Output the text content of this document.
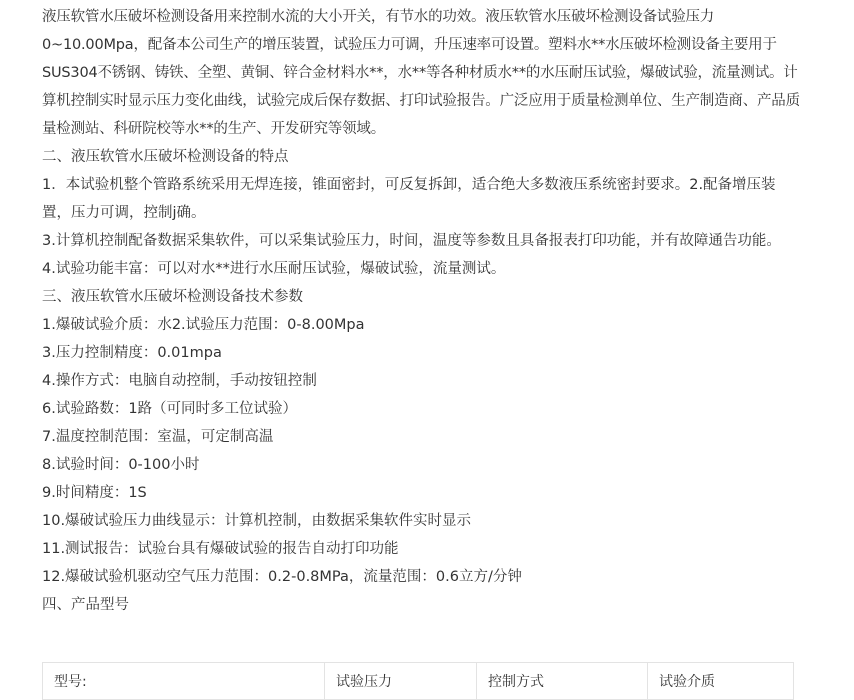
液压软管水压破坏检测设备用来控制水流的大小开关，有节水的功效。液压软管水压破坏检测设备试验压力0~10.00Mpa，配备本公司生产的增压装置，试验压力可调，升压速率可设置。塑料水**水压破坏检测设备主要用于SUS304不锈钢、铸铁、全塑、黄铜、锌合金材料水**，水**等各种材质水**的水压耐压试验，爆破试验，流量测试。计算机控制实时显示压力变化曲线，试验完成后保存数据、打印试验报告。广泛应用于质量检测单位、生产制造商、产品质量检测站、科研院校等水**的生产、开发研究等领域。

二、液压软管水压破坏检测设备的特点

1．本试验机整个管路系统采用无焊连接，锥面密封，可反复拆卸，适合绝大多数液压系统密封要求。2.配备增压装置，压力可调，控制j确。

3.计算机控制配备数据采集软件，可以采集试验压力，时间，温度等参数且具备报表打印功能，并有故障通告功能。

4.试验功能丰富：可以对水**进行水压耐压试验，爆破试验，流量测试。

三、液压软管水压破坏检测设备技术参数

1.爆破试验介质：水2.试验压力范围：0-8.00Mpa

3.压力控制精度：0.01mpa

4.操作方式：电脑自动控制，手动按钮控制

6.试验路数：1路（可同时多工位试验）

7.温度控制范围：室温，可定制高温

8.试验时间：0-100小时

9.时间精度：1S

10.爆破试验压力曲线显示：计算机控制，由数据采集软件实时显示

11.测试报告：试验台具有爆破试验的报告自动打印功能

12.爆破试验机驱动空气压力范围：0.2-0.8MPa，流量范围：0.6立方/分钟

四、产品型号

型号:	试验压力	控制方式	试验介质
